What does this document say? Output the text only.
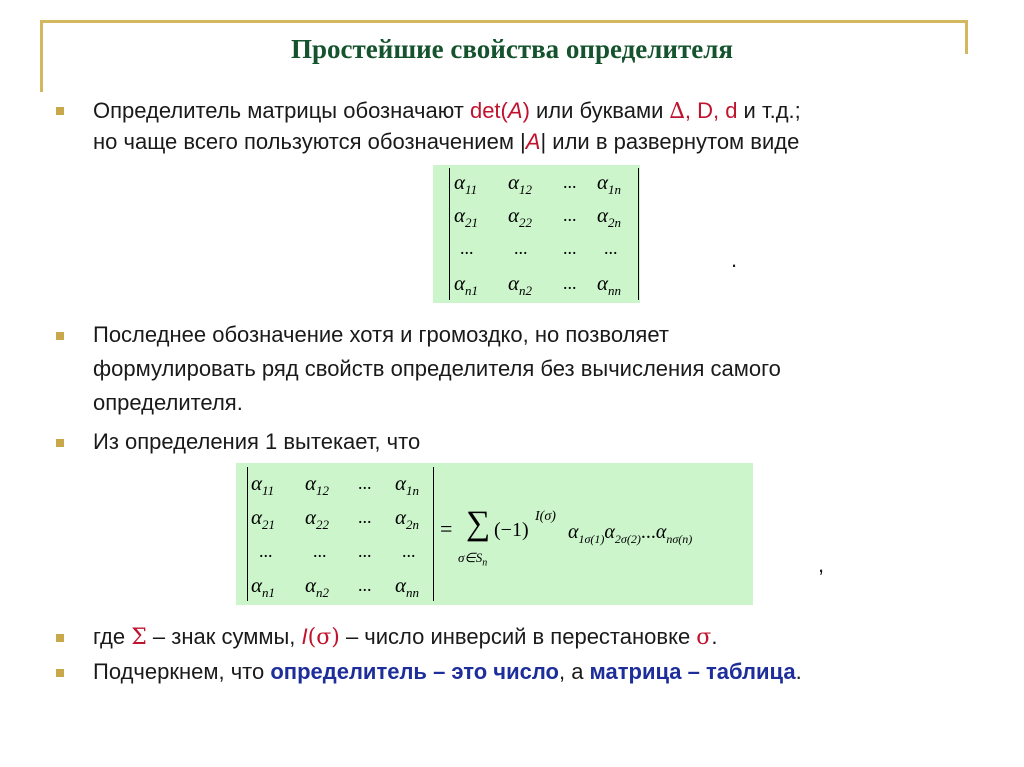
Простейшие свойства определителя
Определитель матрицы обозначают det(A) или буквами ∆, D, d и т.д.;
но чаще всего пользуются обозначением |A| или в развернутом виде
$\alpha_{11}$ $\alpha_{12}$ ... $\alpha_{1n}$
$\alpha_{21}$ $\alpha_{22}$ ... $\alpha_{2n}$
... ... ... ...
$\alpha_{n1}$ $\alpha_{n2}$ ... $\alpha_{nn}$
.
Последнее обозначение хотя и громоздко, но позволяет
формулировать ряд свойств определителя без вычисления самого
определителя.
Из определения 1 вытекает, что
$\alpha_{11}$ $\alpha_{12}$ ... $\alpha_{1n}$
$\alpha_{21}$ $\alpha_{22}$ ... $\alpha_{2n}$
... ... ... ...
$\alpha_{n1}$ $\alpha_{n2}$ ... $\alpha_{nn}$
= ∑
$\sigma\in S_n$
(−1)
I(σ)
$\alpha_{1\sigma(1)}\alpha_{2\sigma(2)}...\alpha_{n\sigma(n)}$
,
где Σ – знак суммы, I(σ) – число инверсий в перестановке σ.
Подчеркнем, что определитель – это число, а матрица – таблица.
